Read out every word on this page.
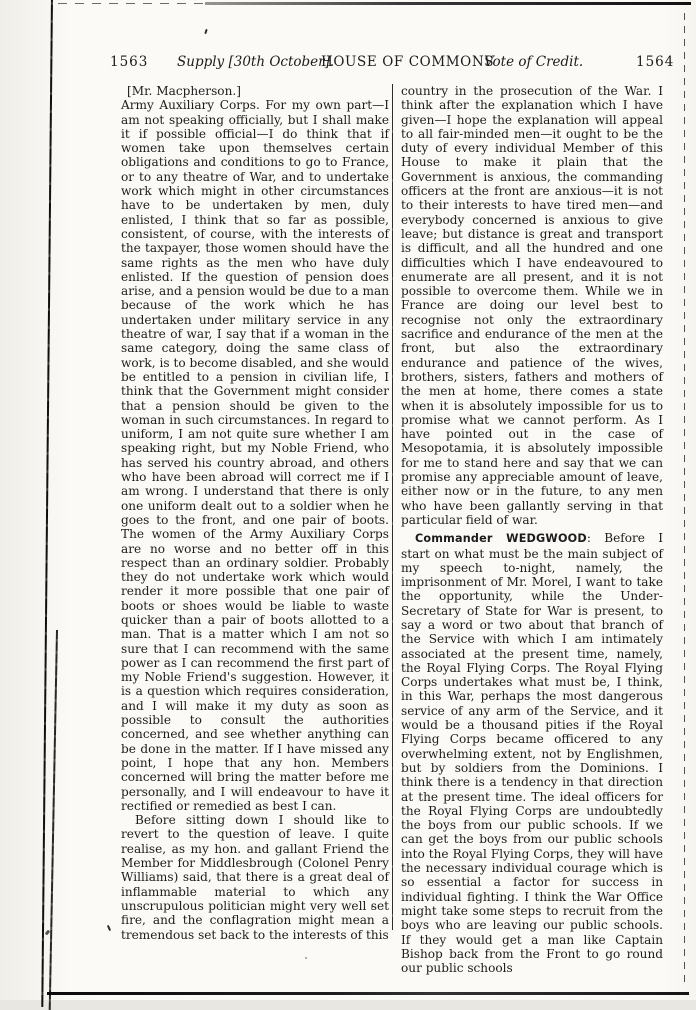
1563 Supply [30th October].
HOUSE OF COMMONS
Vote of Credit.	1564

[Mr. Macpherson.]

Army Auxiliary Corps. For my own part—I am not speaking officially, but I shall make it if possible official—I do think that if women take upon themselves certain obligations and conditions to go to France, or to any theatre of War, and to undertake work which might in other circumstances have to be undertaken by men, duly enlisted, I think that so far as possible, consistent, of course, with the interests of the taxpayer, those women should have the same rights as the men who have duly enlisted. If the question of pension does arise, and a pension would be due to a man because of the work which he has undertaken under military service in any theatre of war, I say that if a woman in the same category, doing the same class of work, is to become disabled, and she would be entitled to a pension in civilian life, I think that the Government might consider that a pension should be given to the woman in such circumstances. In regard to uniform, I am not quite sure whether I am speaking right, but my Noble Friend, who has served his country abroad, and others who have been abroad will correct me if I am wrong. I understand that there is only one uniform dealt out to a soldier when he goes to the front, and one pair of boots. The women of the Army Auxiliary Corps are no worse and no better off in this respect than an ordinary soldier. Probably they do not undertake work which would render it more possible that one pair of boots or shoes would be liable to waste quicker than a pair of boots allotted to a man. That is a matter which I am not so sure that I can recommend with the same power as I can recommend the first part of my Noble Friend's suggestion. However, it is a question which requires consideration, and I will make it my duty as soon as possible to consult the authorities concerned, and see whether anything can be done in the matter. If I have missed any point, I hope that any hon. Members concerned will bring the matter before me personally, and I will endeavour to have it rectified or remedied as best I can.

Before sitting down I should like to revert to the question of leave. I quite realise, as my hon. and gallant Friend the Member for Middlesbrough (Colonel Penry Williams) said, that there is a great deal of inflammable material to which any unscrupulous politician might very well set fire, and the conflagration might mean a tremendous set back to the interests of this

country in the prosecution of the War. I think after the explanation which I have given—I hope the explanation will appeal to all fair-minded men—it ought to be the duty of every individual Member of this House to make it plain that the Government is anxious, the commanding officers at the front are anxious—it is not to their interests to have tired men—and everybody concerned is anxious to give leave; but distance is great and transport is difficult, and all the hundred and one difficulties which I have endeavoured to enumerate are all present, and it is not possible to overcome them. While we in France are doing our level best to recognise not only the extraordinary sacrifice and endurance of the men at the front, but also the extraordinary endurance and patience of the wives, brothers, sisters, fathers and mothers of the men at home, there comes a state when it is absolutely impossible for us to promise what we cannot perform. As I have pointed out in the case of Mesopotamia, it is absolutely impossible for me to stand here and say that we can promise any appreciable amount of leave, either now or in the future, to any men who have been gallantly serving in that particular field of war.

Commander WEDGWOOD: Before I start on what must be the main subject of my speech to-night, namely, the imprisonment of Mr. Morel, I want to take the opportunity, while the Under-Secretary of State for War is present, to say a word or two about that branch of the Service with which I am intimately associated at the present time, namely, the Royal Flying Corps. The Royal Flying Corps undertakes what must be, I think, in this War, perhaps the most dangerous service of any arm of the Service, and it would be a thousand pities if the Royal Flying Corps became officered to any overwhelming extent, not by Englishmen, but by soldiers from the Dominions. I think there is a tendency in that direction at the present time. The ideal officers for the Royal Flying Corps are undoubtedly the boys from our public schools. If we can get the boys from our public schools into the Royal Flying Corps, they will have the necessary individual courage which is so essential a factor for success in individual fighting. I think the War Office might take some steps to recruit from the boys who are leaving our public schools. If they would get a man like Captain Bishop back from the Front to go round our public schools
